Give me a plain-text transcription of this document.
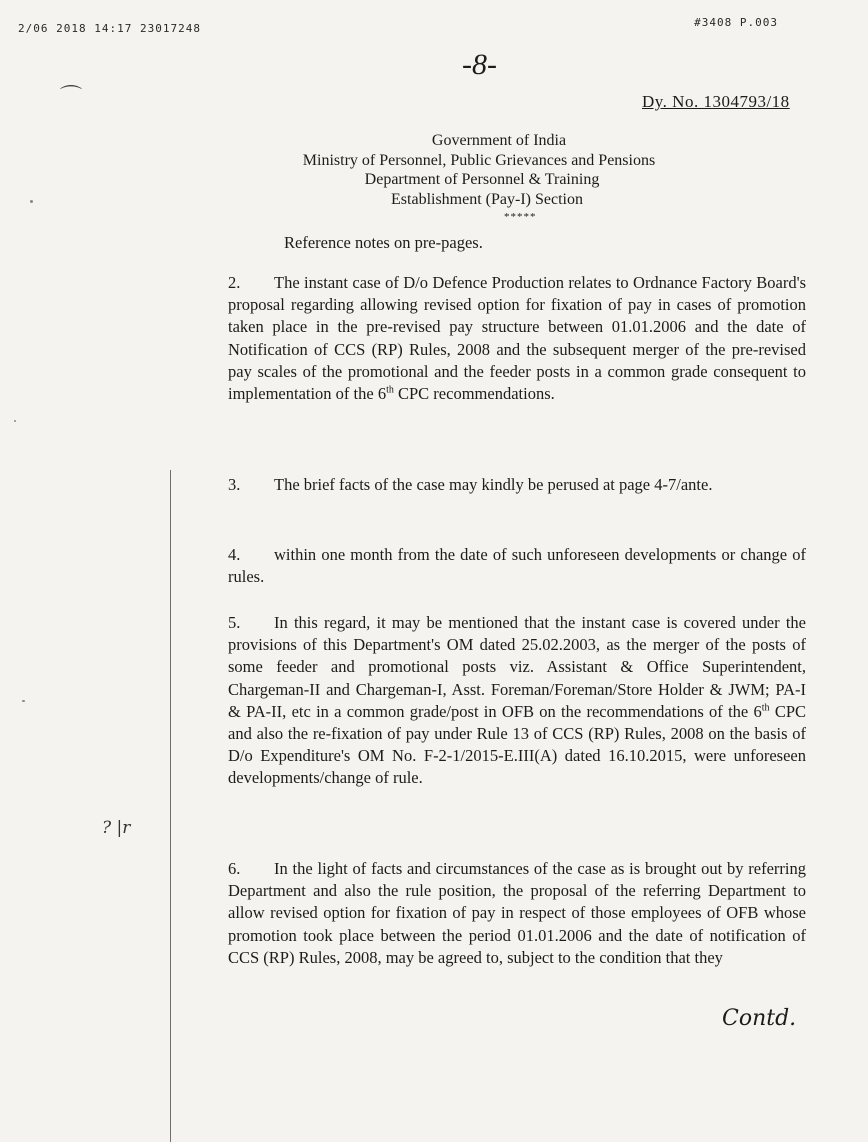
2/06 2018 14:17 23017248	#3408 P.003
⌒
-8-
Dy. No. 1304793/18
Government of India
Ministry of Personnel, Public Grievances and Pensions
Department of Personnel & Training
Establishment (Pay-I) Section
*****
Reference notes on pre-pages.

2. The instant case of D/o Defence Production relates to Ordnance Factory Board's proposal regarding allowing revised option for fixation of pay in cases of promotion taken place in the pre-revised pay structure between 01.01.2006 and the date of Notification of CCS (RP) Rules, 2008 and the subsequent merger of the pre-revised pay scales of the promotional and the feeder posts in a common grade consequent to implementation of the 6th CPC recommendations.

3. The brief facts of the case may kindly be perused at page 4-7/ante.

4. within one month from the date of such unforeseen developments or change of rules.

5. In this regard, it may be mentioned that the instant case is covered under the provisions of this Department's OM dated 25.02.2003, as the merger of the posts of some feeder and promotional posts viz. Assistant & Office Superintendent, Chargeman-II and Chargeman-I, Asst. Foreman/Foreman/Store Holder & JWM; PA-I & PA-II, etc in a common grade/post in OFB on the recommendations of the 6th CPC and also the re-fixation of pay under Rule 13 of CCS (RP) Rules, 2008 on the basis of D/o Expenditure's OM No. F-2-1/2015-E.III(A) dated 16.10.2015, were unforeseen developments/change of rule.

6. In the light of facts and circumstances of the case as is brought out by referring Department and also the rule position, the proposal of the referring Department to allow revised option for fixation of pay in respect of those employees of OFB whose promotion took place between the period 01.01.2006 and the date of notification of CCS (RP) Rules, 2008, may be agreed to, subject to the condition that they

Contd.
? |r
